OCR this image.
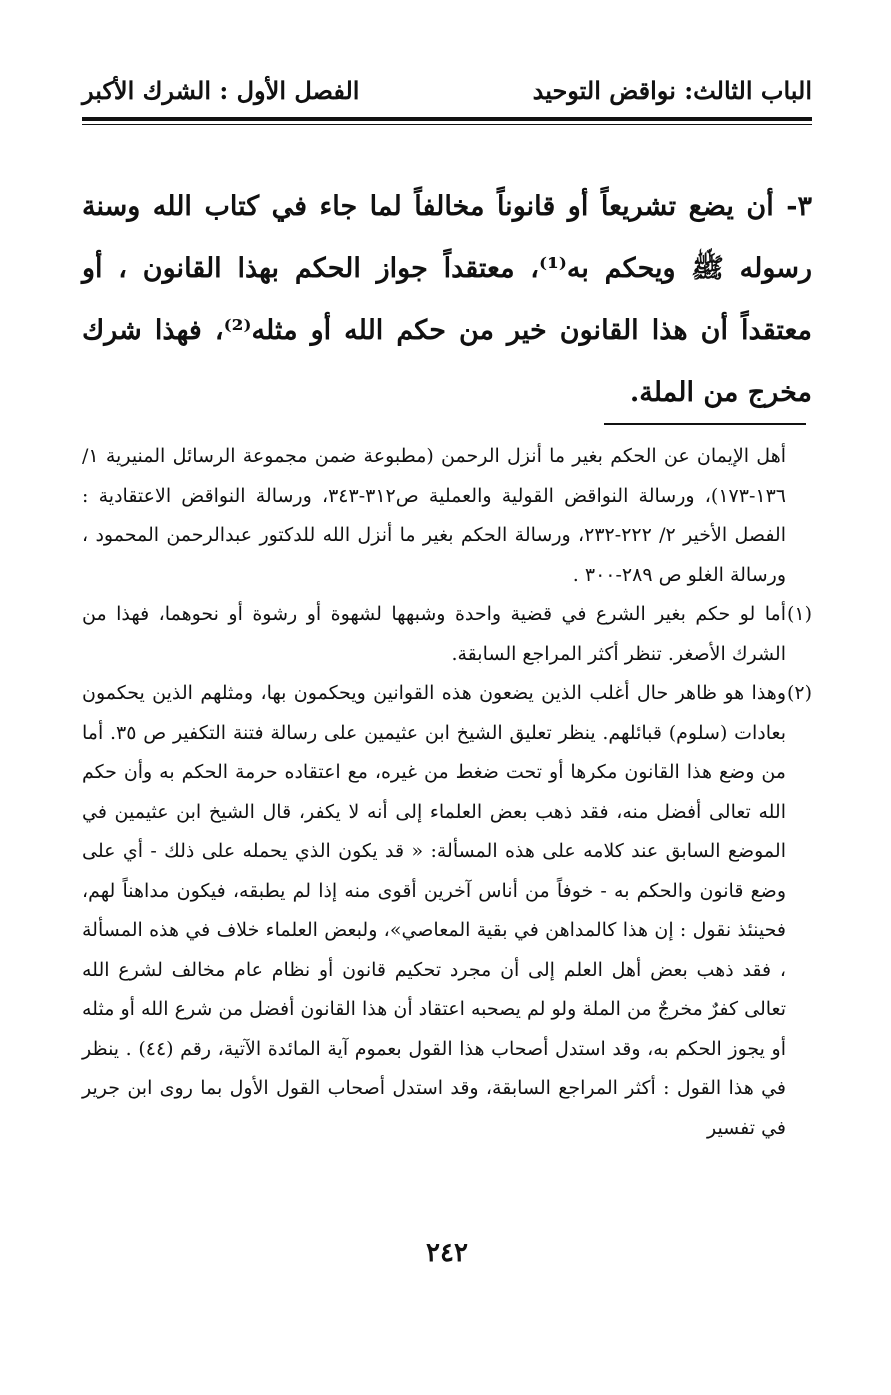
الباب الثالث: نواقض التوحيد
الفصل الأول : الشرك الأكبر

٣- أن يضع تشريعاً أو قانوناً مخالفاً لما جاء في كتاب الله وسنة رسوله ﷺ ويحكم به⁽¹⁾، معتقداً جواز الحكم بهذا القانون ، أو معتقداً أن هذا القانون خير من حكم الله أو مثله⁽²⁾، فهذا شرك مخرج من الملة.

أهل الإيمان عن الحكم بغير ما أنزل الرحمن (مطبوعة ضمن مجموعة الرسائل المنيرية ١/ ١٣٦-١٧٣)، ورسالة النواقض القولية والعملية ص٣١٢-٣٤٣، ورسالة النواقض الاعتقادية : الفصل الأخير ٢/ ٢٢٢-٢٣٢، ورسالة الحكم بغير ما أنزل الله للدكتور عبدالرحمن المحمود ، ورسالة الغلو ص ٢٨٩-٣٠٠ .

(١)

أما لو حكم بغير الشرع في قضية واحدة وشبهها لشهوة أو رشوة أو نحوهما، فهذا من الشرك الأصغر. تنظر أكثر المراجع السابقة.

(٢)

وهذا هو ظاهر حال أغلب الذين يضعون هذه القوانين ويحكمون بها، ومثلهم الذين يحكمون بعادات (سلوم) قبائلهم. ينظر تعليق الشيخ ابن عثيمين على رسالة فتنة التكفير ص ٣٥. أما من وضع هذا القانون مكرها أو تحت ضغط من غيره، مع اعتقاده حرمة الحكم به وأن حكم الله تعالى أفضل منه، فقد ذهب بعض العلماء إلى أنه لا يكفر، قال الشيخ ابن عثيمين في الموضع السابق عند كلامه على هذه المسألة: « قد يكون الذي يحمله على ذلك - أي على وضع قانون والحكم به - خوفاً من أناس آخرين أقوى منه إذا لم يطبقه، فيكون مداهناً لهم، فحينئذ نقول : إن هذا كالمداهن في بقية المعاصي»، ولبعض العلماء خلاف في هذه المسألة ، فقد ذهب بعض أهل العلم إلى أن مجرد تحكيم قانون أو نظام عام مخالف لشرع الله تعالى كفرٌ مخرجٌ من الملة ولو لم يصحبه اعتقاد أن هذا القانون أفضل من شرع الله أو مثله أو يجوز الحكم به، وقد استدل أصحاب هذا القول بعموم آية المائدة الآتية، رقم (٤٤) . ينظر في هذا القول : أكثر المراجع السابقة، وقد استدل أصحاب القول الأول بما روى ابن جرير في تفسير

٢٤٢
